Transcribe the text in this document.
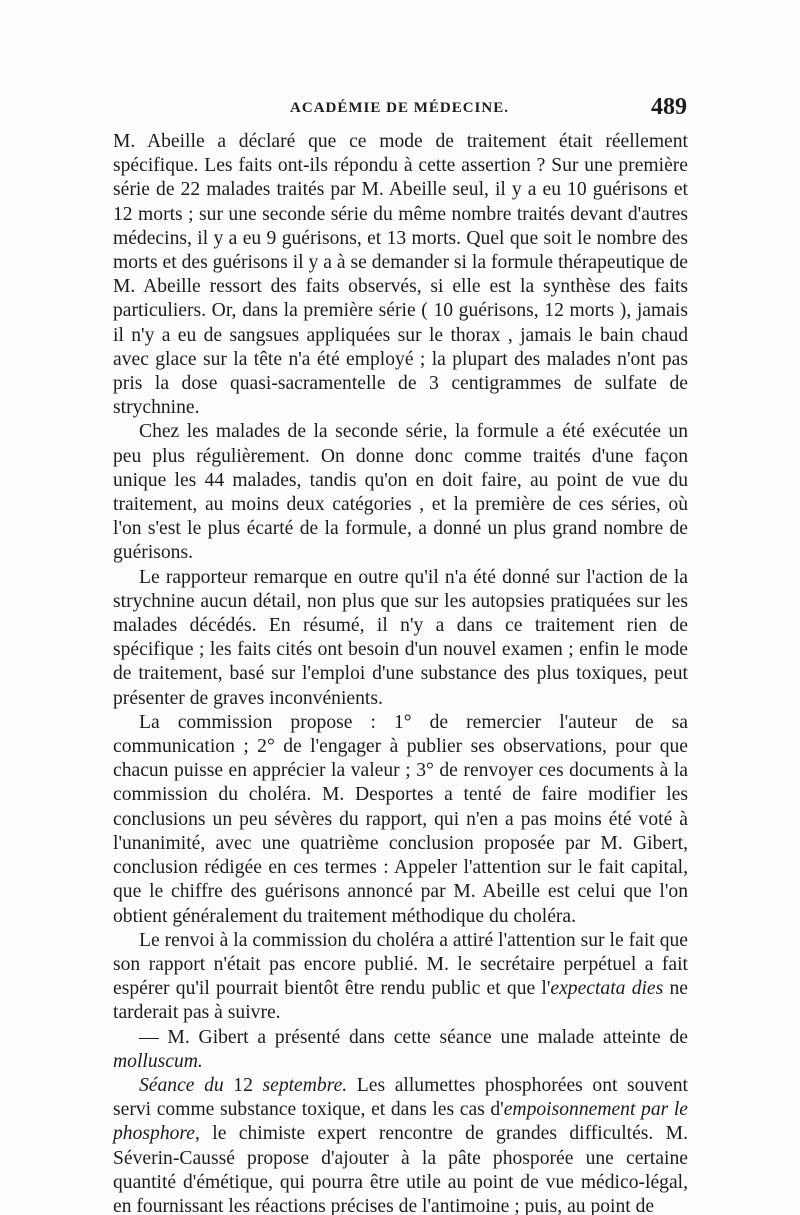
ACADÉMIE DE MÉDECINE.	489

M. Abeille a déclaré que ce mode de traitement était réellement spécifique. Les faits ont-ils répondu à cette assertion ? Sur une première série de 22 malades traités par M. Abeille seul, il y a eu 10 guérisons et 12 morts ; sur une seconde série du même nombre traités devant d'autres médecins, il y a eu 9 guérisons, et 13 morts. Quel que soit le nombre des morts et des guérisons il y a à se demander si la formule thérapeutique de M. Abeille ressort des faits observés, si elle est la synthèse des faits particuliers. Or, dans la première série ( 10 guérisons, 12 morts ), jamais il n'y a eu de sangsues appliquées sur le thorax , jamais le bain chaud avec glace sur la tête n'a été employé ; la plupart des malades n'ont pas pris la dose quasi-sacramentelle de 3 centigrammes de sulfate de strychnine.

Chez les malades de la seconde série, la formule a été exécutée un peu plus régulièrement. On donne donc comme traités d'une façon unique les 44 malades, tandis qu'on en doit faire, au point de vue du traitement, au moins deux catégories , et la première de ces séries, où l'on s'est le plus écarté de la formule, a donné un plus grand nombre de guérisons.

Le rapporteur remarque en outre qu'il n'a été donné sur l'action de la strychnine aucun détail, non plus que sur les autopsies pratiquées sur les malades décédés. En résumé, il n'y a dans ce traitement rien de spécifique ; les faits cités ont besoin d'un nouvel examen ; enfin le mode de traitement, basé sur l'emploi d'une substance des plus toxiques, peut présenter de graves inconvénients.

La commission propose : 1° de remercier l'auteur de sa communication ; 2° de l'engager à publier ses observations, pour que chacun puisse en apprécier la valeur ; 3° de renvoyer ces documents à la commission du choléra. M. Desportes a tenté de faire modifier les conclusions un peu sévères du rapport, qui n'en a pas moins été voté à l'unanimité, avec une quatrième conclusion proposée par M. Gibert, conclusion rédigée en ces termes : Appeler l'attention sur le fait capital, que le chiffre des guérisons annoncé par M. Abeille est celui que l'on obtient généralement du traitement méthodique du choléra.

Le renvoi à la commission du choléra a attiré l'attention sur le fait que son rapport n'était pas encore publié. M. le secrétaire perpétuel a fait espérer qu'il pourrait bientôt être rendu public et que l'expectata dies ne tarderait pas à suivre.

— M. Gibert a présenté dans cette séance une malade atteinte de molluscum.

Séance du 12 septembre. Les allumettes phosphorées ont souvent servi comme substance toxique, et dans les cas d'empoisonnement par le phosphore, le chimiste expert rencontre de grandes difficultés. M. Séverin-Caussé propose d'ajouter à la pâte phosporée une certaine quantité d'émétique, qui pourra être utile au point de vue médico-légal, en fournissant les réactions précises de l'antimoine ; puis, au point de
